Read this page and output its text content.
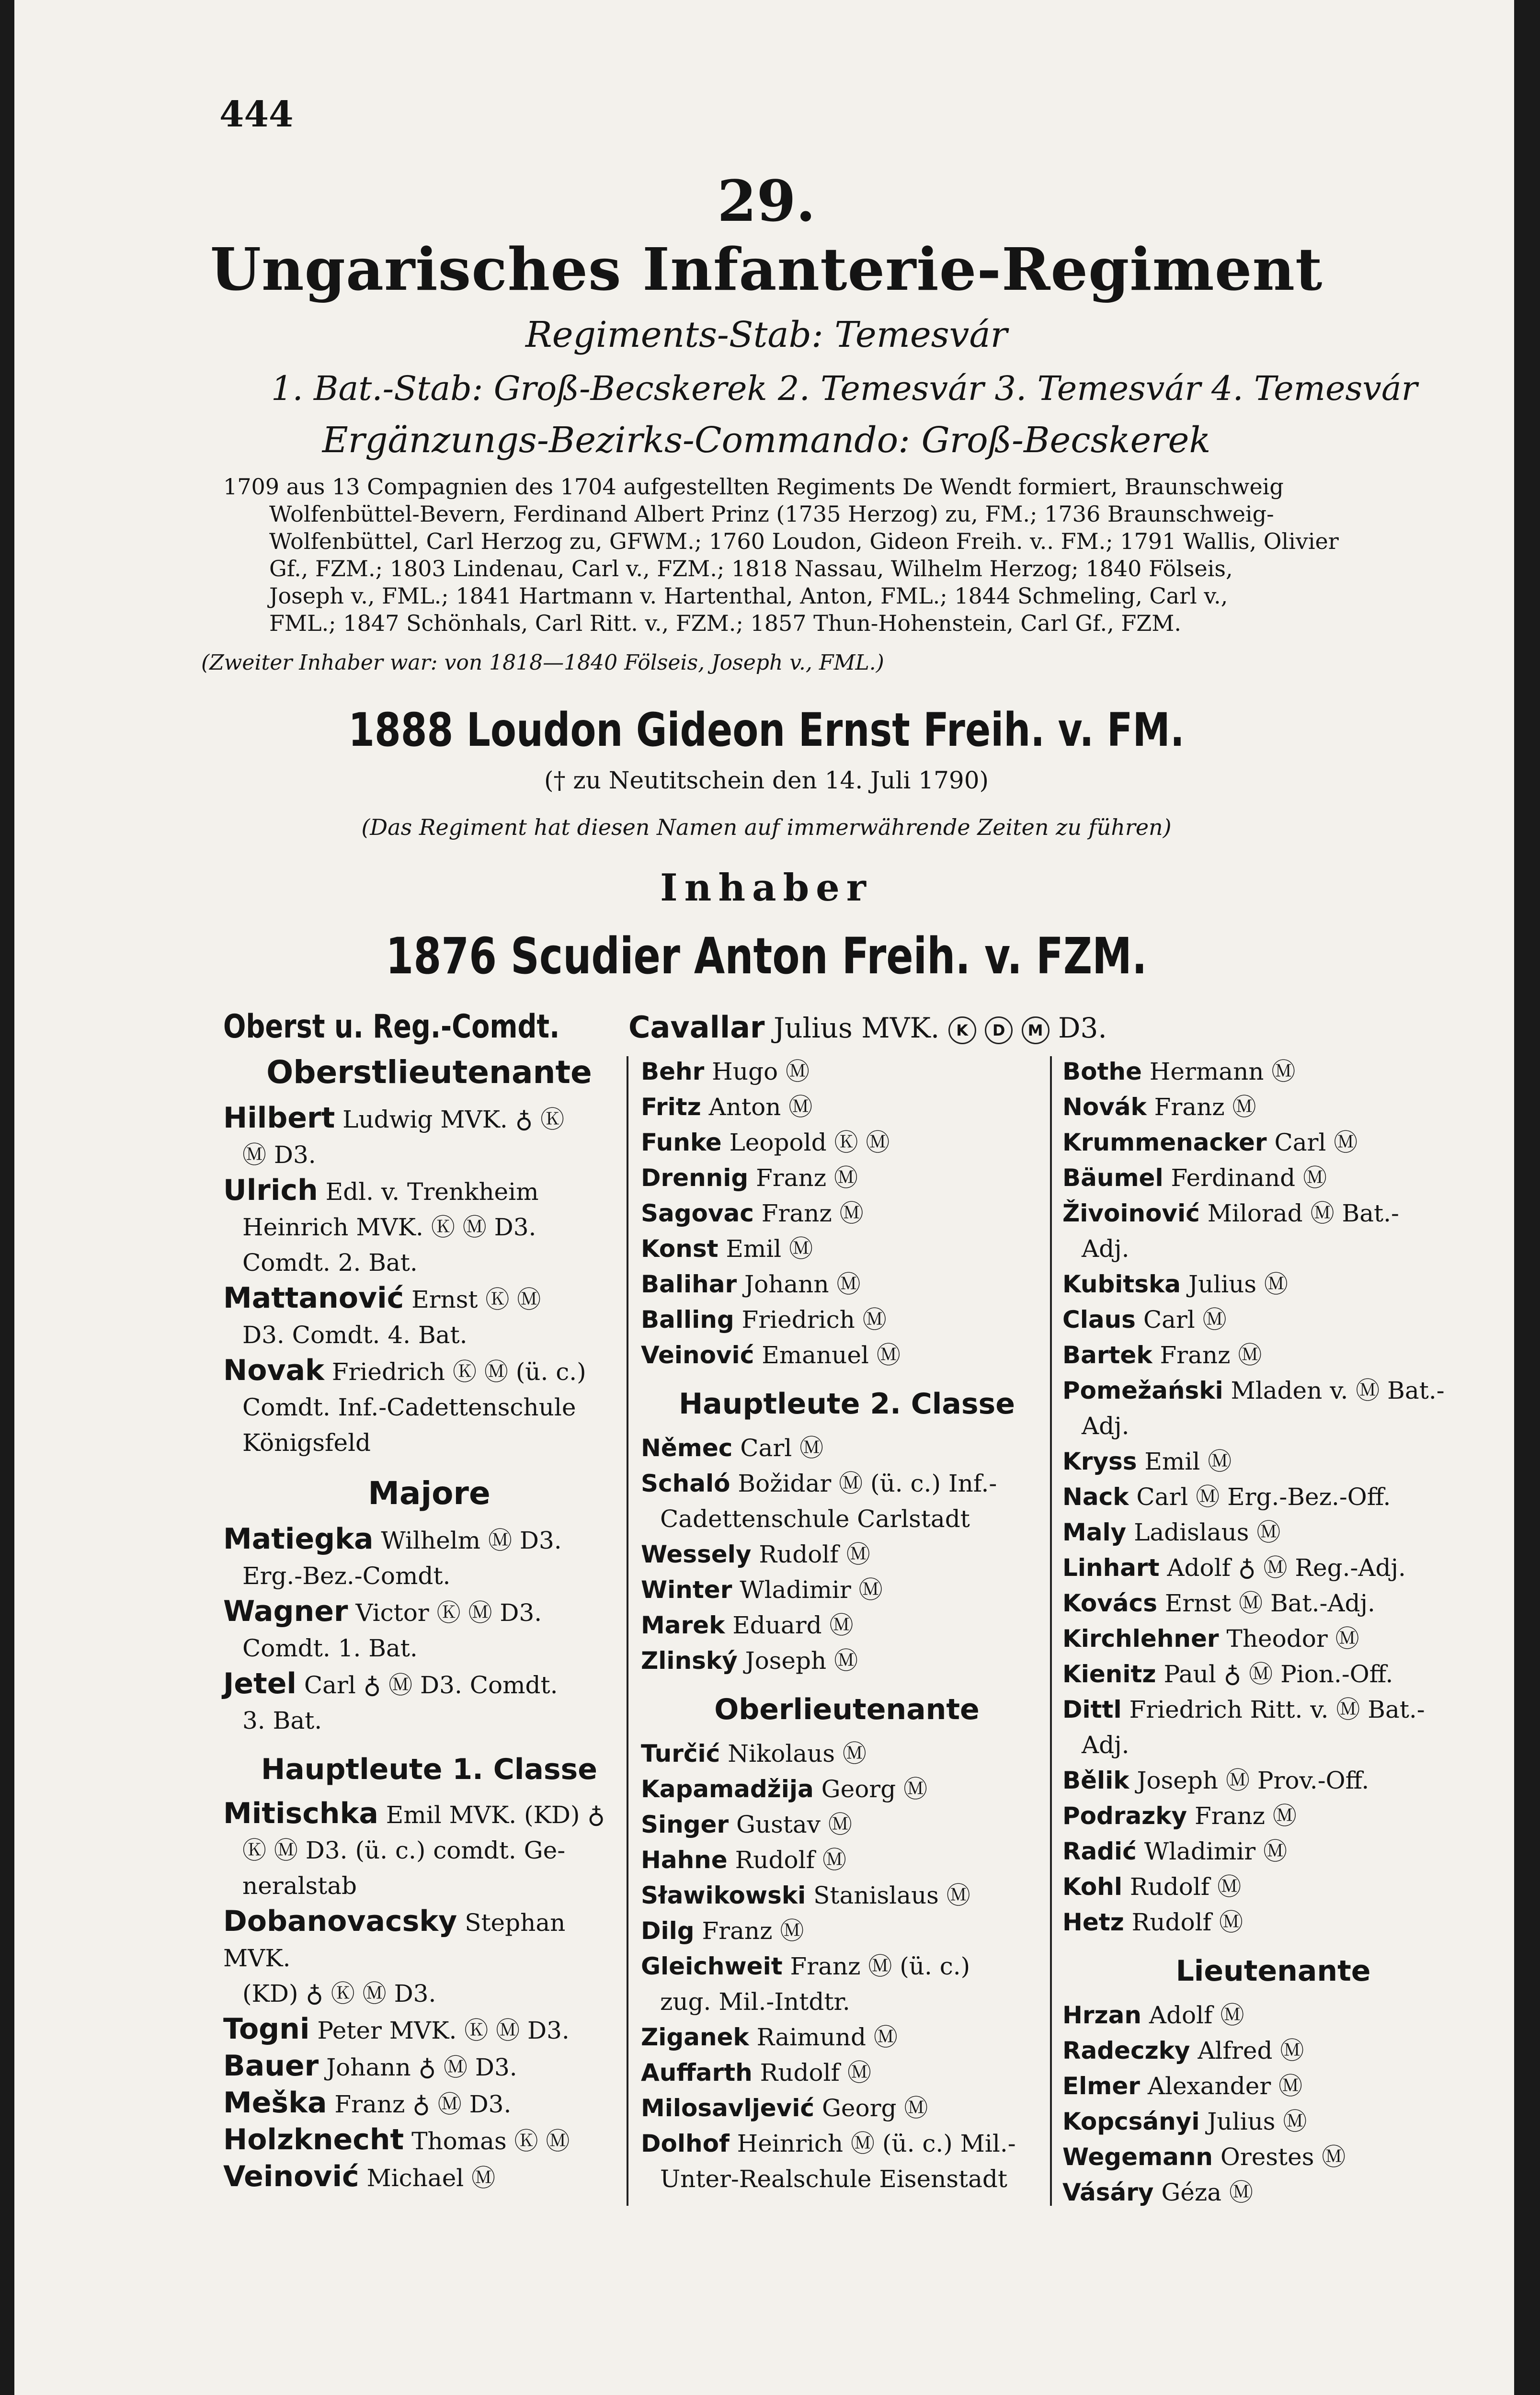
444
29.
Ungarisches Infanterie-Regiment
Regiments-Stab: Temesvár
1. Bat.-Stab: Groß-Becskerek 2. Temesvár 3. Temesvár 4. Temesvár
Ergänzungs-Bezirks-Commando: Groß-Becskerek
1709 aus 13 Compagnien des 1704 aufgestellten Regiments De Wendt formiert, Braunschweig
Wolfenbüttel-Bevern, Ferdinand Albert Prinz (1735 Herzog) zu, FM.; 1736 Braunschweig-
Wolfenbüttel, Carl Herzog zu, GFWM.; 1760 Loudon, Gideon Freih. v.. FM.; 1791 Wallis, Olivier
Gf., FZM.; 1803 Lindenau, Carl v., FZM.; 1818 Nassau, Wilhelm Herzog; 1840 Fölseis,
Joseph v., FML.; 1841 Hartmann v. Hartenthal, Anton, FML.; 1844 Schmeling, Carl v.,
FML.; 1847 Schönhals, Carl Ritt. v., FZM.; 1857 Thun-Hohenstein, Carl Gf., FZM.
(Zweiter Inhaber war: von 1818—1840 Fölseis, Joseph v., FML.)
1888 Loudon Gideon Ernst Freih. v. FM.
(† zu Neutitschein den 14. Juli 1790)
(Das Regiment hat diesen Namen auf immerwährende Zeiten zu führen)
Inhaber
1876 Scudier Anton Freih. v. FZM.
Oberst u. Reg.-Comdt. Cavallar Julius MVK. K D M D3.
Oberstlieutenante
Hilbert Ludwig MVK. ♁ Ⓚ
Ⓜ D3.
Ulrich Edl. v. Trenkheim
Heinrich MVK. Ⓚ Ⓜ D3.
Comdt. 2. Bat.
Mattanović Ernst Ⓚ Ⓜ
D3. Comdt. 4. Bat.
Novak Friedrich Ⓚ Ⓜ (ü. c.)
Comdt. Inf.-Cadettenschule
Königsfeld
Majore
Matiegka Wilhelm Ⓜ D3.
Erg.-Bez.-Comdt.
Wagner Victor Ⓚ Ⓜ D3.
Comdt. 1. Bat.
Jetel Carl ♁ Ⓜ D3. Comdt.
3. Bat.
Hauptleute 1. Classe
Mitischka Emil MVK. (KD) ♁
Ⓚ Ⓜ D3. (ü. c.) comdt. Ge-
neralstab
Dobanovacsky Stephan MVK.
(KD) ♁ Ⓚ Ⓜ D3.
Togni Peter MVK. Ⓚ Ⓜ D3.
Bauer Johann ♁ Ⓜ D3.
Meška Franz ♁ Ⓜ D3.
Holzknecht Thomas Ⓚ Ⓜ
Veinović Michael Ⓜ
Behr Hugo Ⓜ
Fritz Anton Ⓜ
Funke Leopold Ⓚ Ⓜ
Drennig Franz Ⓜ
Sagovac Franz Ⓜ
Konst Emil Ⓜ
Balihar Johann Ⓜ
Balling Friedrich Ⓜ
Veinović Emanuel Ⓜ
Hauptleute 2. Classe
Němec Carl Ⓜ
Schaló Božidar Ⓜ (ü. c.) Inf.-
Cadettenschule Carlstadt
Wessely Rudolf Ⓜ
Winter Wladimir Ⓜ
Marek Eduard Ⓜ
Zlinský Joseph Ⓜ
Oberlieutenante
Turčić Nikolaus Ⓜ
Kapamadžija Georg Ⓜ
Singer Gustav Ⓜ
Hahne Rudolf Ⓜ
Sławikowski Stanislaus Ⓜ
Dilg Franz Ⓜ
Gleichweit Franz Ⓜ (ü. c.)
zug. Mil.-Intdtr.
Ziganek Raimund Ⓜ
Auffarth Rudolf Ⓜ
Milosavljević Georg Ⓜ
Dolhof Heinrich Ⓜ (ü. c.) Mil.-
Unter-Realschule Eisenstadt
Bothe Hermann Ⓜ
Novák Franz Ⓜ
Krummenacker Carl Ⓜ
Bäumel Ferdinand Ⓜ
Živoinović Milorad Ⓜ Bat.-
Adj.
Kubitska Julius Ⓜ
Claus Carl Ⓜ
Bartek Franz Ⓜ
Pomežański Mladen v. Ⓜ Bat.-
Adj.
Kryss Emil Ⓜ
Nack Carl Ⓜ Erg.-Bez.-Off.
Maly Ladislaus Ⓜ
Linhart Adolf ♁ Ⓜ Reg.-Adj.
Kovács Ernst Ⓜ Bat.-Adj.
Kirchlehner Theodor Ⓜ
Kienitz Paul ♁ Ⓜ Pion.-Off.
Dittl Friedrich Ritt. v. Ⓜ Bat.-
Adj.
Bělik Joseph Ⓜ Prov.-Off.
Podrazky Franz Ⓜ
Radić Wladimir Ⓜ
Kohl Rudolf Ⓜ
Hetz Rudolf Ⓜ
Lieutenante
Hrzan Adolf Ⓜ
Radeczky Alfred Ⓜ
Elmer Alexander Ⓜ
Kopcsányi Julius Ⓜ
Wegemann Orestes Ⓜ
Vásáry Géza Ⓜ
